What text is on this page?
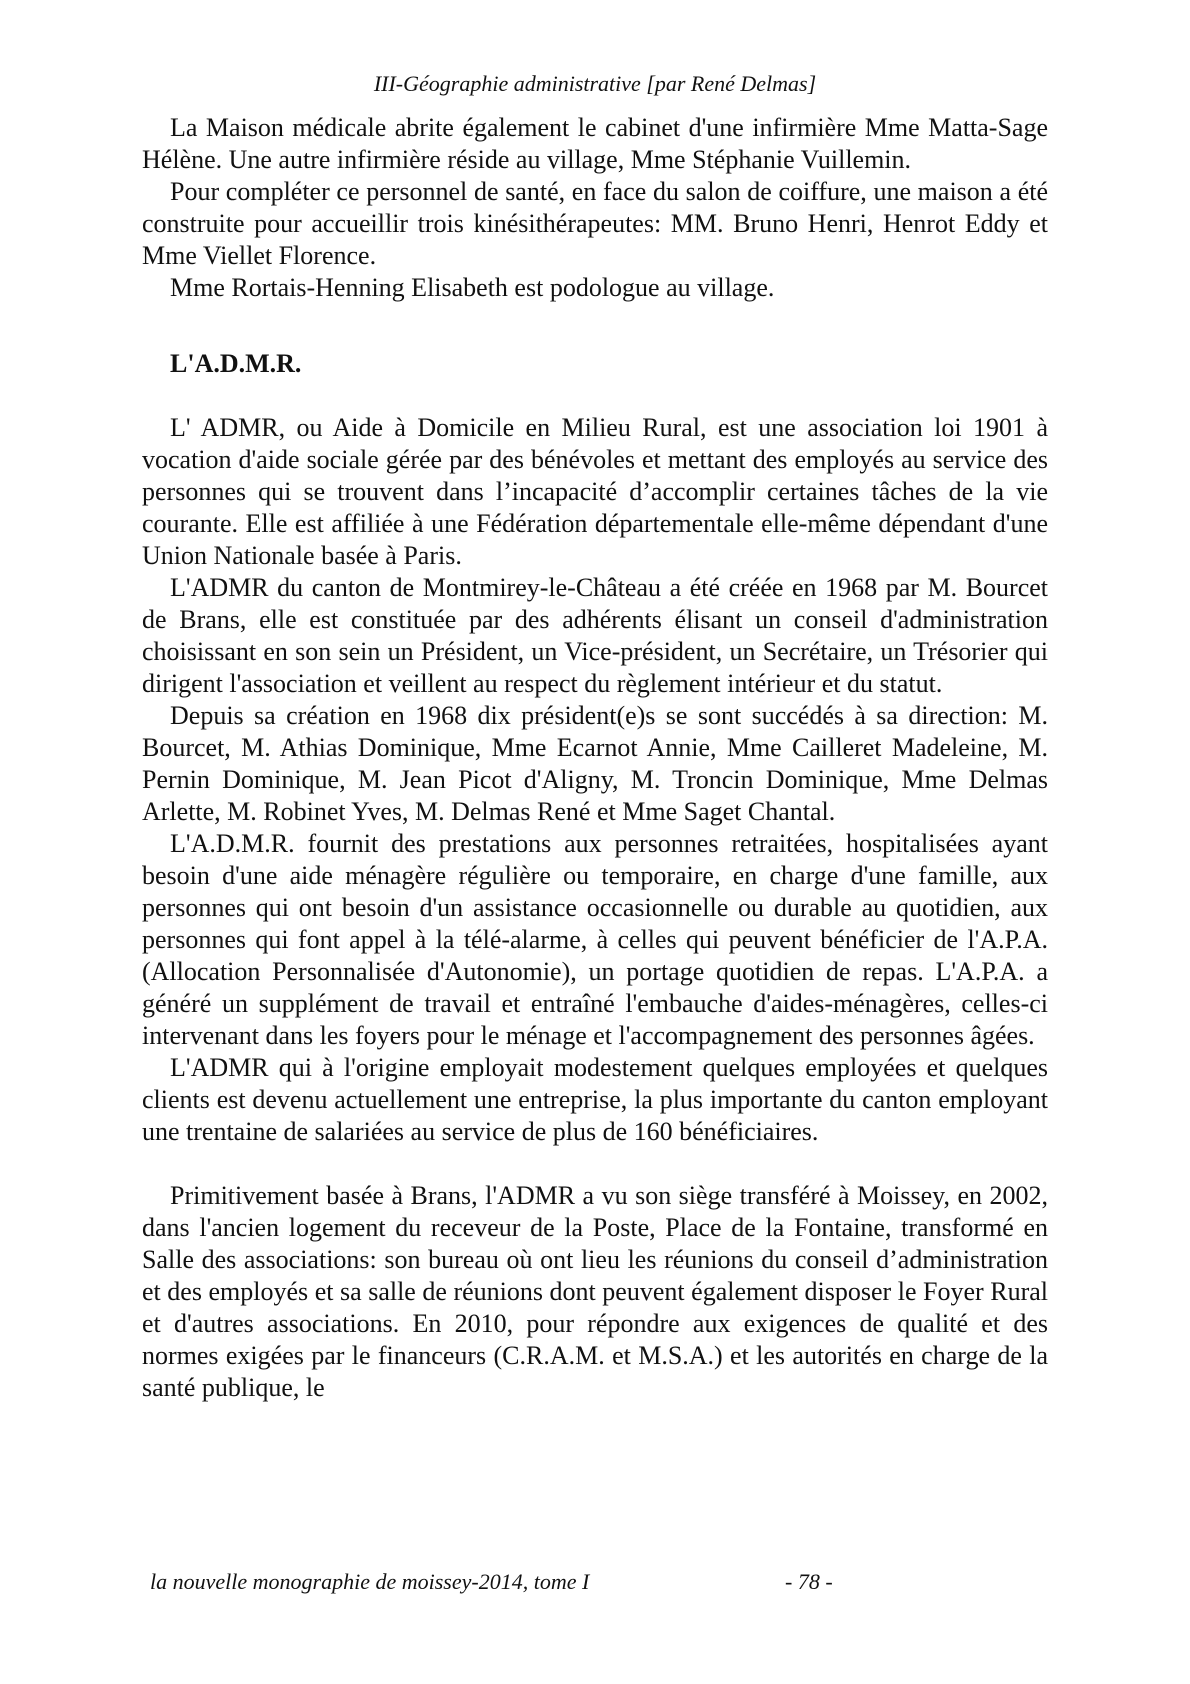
III-Géographie administrative [par René Delmas]

La Maison médicale abrite également le cabinet d'une infirmière Mme Matta-Sage Hélène. Une autre infirmière réside au village, Mme Stéphanie Vuillemin.

Pour compléter ce personnel de santé, en face du salon de coiffure, une maison a été construite pour accueillir trois kinésithérapeutes: MM. Bruno Henri, Henrot Eddy et Mme Viellet Florence.

Mme Rortais-Henning Elisabeth est podologue au village.

L'A.D.M.R.

L' ADMR, ou Aide à Domicile en Milieu Rural, est une association loi 1901 à vocation d'aide sociale gérée par des bénévoles et mettant des employés au service des personnes qui se trouvent dans l’incapacité d’accomplir certaines tâches de la vie courante. Elle est affiliée à une Fédération départementale elle-même dépendant d'une Union Nationale basée à Paris.

L'ADMR du canton de Montmirey-le-Château a été créée en 1968 par M. Bourcet de Brans, elle est constituée par des adhérents élisant un conseil d'administration choisissant en son sein un Président, un Vice-président, un Secrétaire, un Trésorier qui dirigent l'association et veillent au respect du règlement intérieur et du statut.

Depuis sa création en 1968 dix président(e)s se sont succédés à sa direction: M. Bourcet, M. Athias Dominique, Mme Ecarnot Annie, Mme Cailleret Madeleine, M. Pernin Dominique, M. Jean Picot d'Aligny, M. Troncin Dominique, Mme Delmas Arlette, M. Robinet Yves, M. Delmas René et Mme Saget Chantal.

L'A.D.M.R. fournit des prestations aux personnes retraitées, hospitalisées ayant besoin d'une aide ménagère régulière ou temporaire, en charge d'une famille, aux personnes qui ont besoin d'un assistance occasionnelle ou durable au quotidien, aux personnes qui font appel à la télé-alarme, à celles qui peuvent bénéficier de l'A.P.A. (Allocation Personnalisée d'Autonomie), un portage quotidien de repas. L'A.P.A. a généré un supplément de travail et entraîné l'embauche d'aides-ménagères, celles-ci intervenant dans les foyers pour le ménage et l'accompagnement des personnes âgées.

L'ADMR qui à l'origine employait modestement quelques employées et quelques clients est devenu actuellement une entreprise, la plus importante du canton employant une trentaine de salariées au service de plus de 160 bénéficiaires.

Primitivement basée à Brans, l'ADMR a vu son siège transféré à Moissey, en 2002, dans l'ancien logement du receveur de la Poste, Place de la Fontaine, transformé en Salle des associations: son bureau où ont lieu les réunions du conseil d’administration et des employés et sa salle de réunions dont peuvent également disposer le Foyer Rural et d'autres associations. En 2010, pour répondre aux exigences de qualité et des normes exigées par le financeurs (C.R.A.M. et M.S.A.) et les autorités en charge de la santé publique, le

la nouvelle monographie de moissey-2014, tome I	- 78 -
